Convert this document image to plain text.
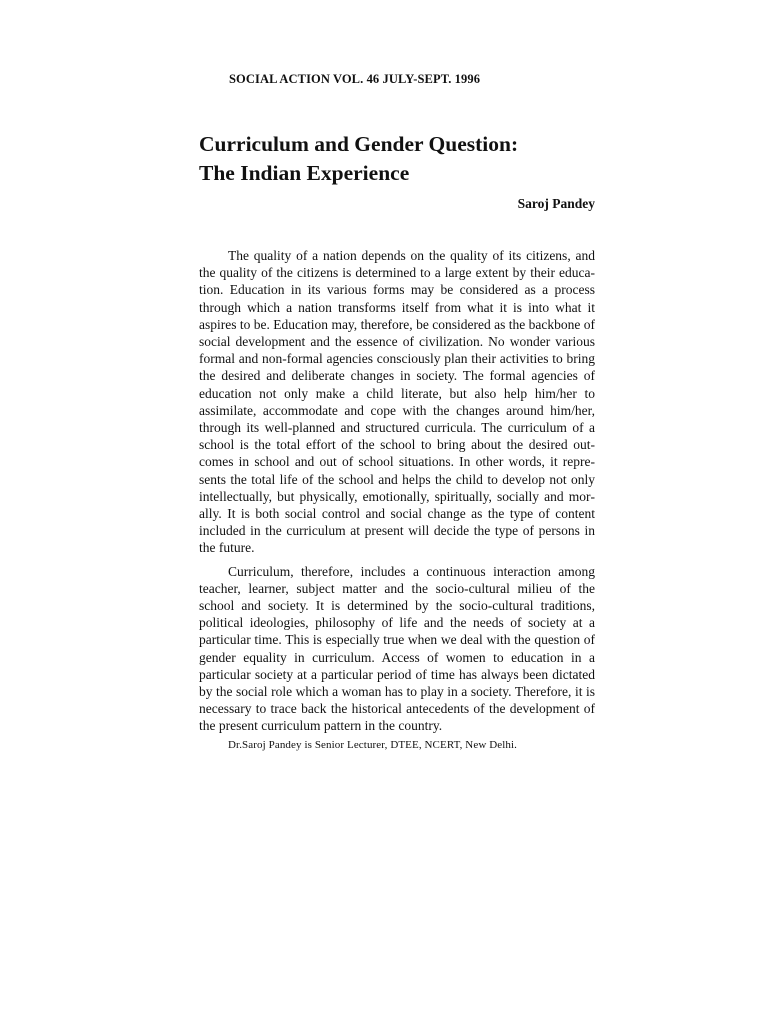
SOCIAL ACTION VOL. 46 JULY-SEPT. 1996
Curriculum and Gender Question:
The Indian Experience
Saroj Pandey

The quality of a nation depends on the quality of its citizens, and the quality of the citizens is determined to a large extent by their education. Education in its various forms may be considered as a process through which a nation transforms itself from what it is into what it aspires to be. Education may, therefore, be considered as the backbone of social development and the essence of civilization. No wonder various formal and non-formal agencies consciously plan their activities to bring the desired and deliberate changes in society. The formal agencies of education not only make a child literate, but also help him/her to assimilate, accommodate and cope with the changes around him/her, through its well-planned and structured curricula. The curriculum of a school is the total effort of the school to bring about the desired outcomes in school and out of school situations. In other words, it represents the total life of the school and helps the child to develop not only intellectually, but physically, emotionally, spiritually, socially and morally. It is both social control and social change as the type of content included in the curriculum at present will decide the type of persons in the future.

Curriculum, therefore, includes a continuous interaction among teacher, learner, subject matter and the socio-cultural milieu of the school and society. It is determined by the socio-cultural traditions, political ideologies, philosophy of life and the needs of society at a particular time. This is especially true when we deal with the question of gender equality in curriculum. Access of women to education in a particular society at a particular period of time has always been dictated by the social role which a woman has to play in a society. Therefore, it is necessary to trace back the historical antecedents of the development of the present curriculum pattern in the country.

Dr.Saroj Pandey is Senior Lecturer, DTEE, NCERT, New Delhi.
